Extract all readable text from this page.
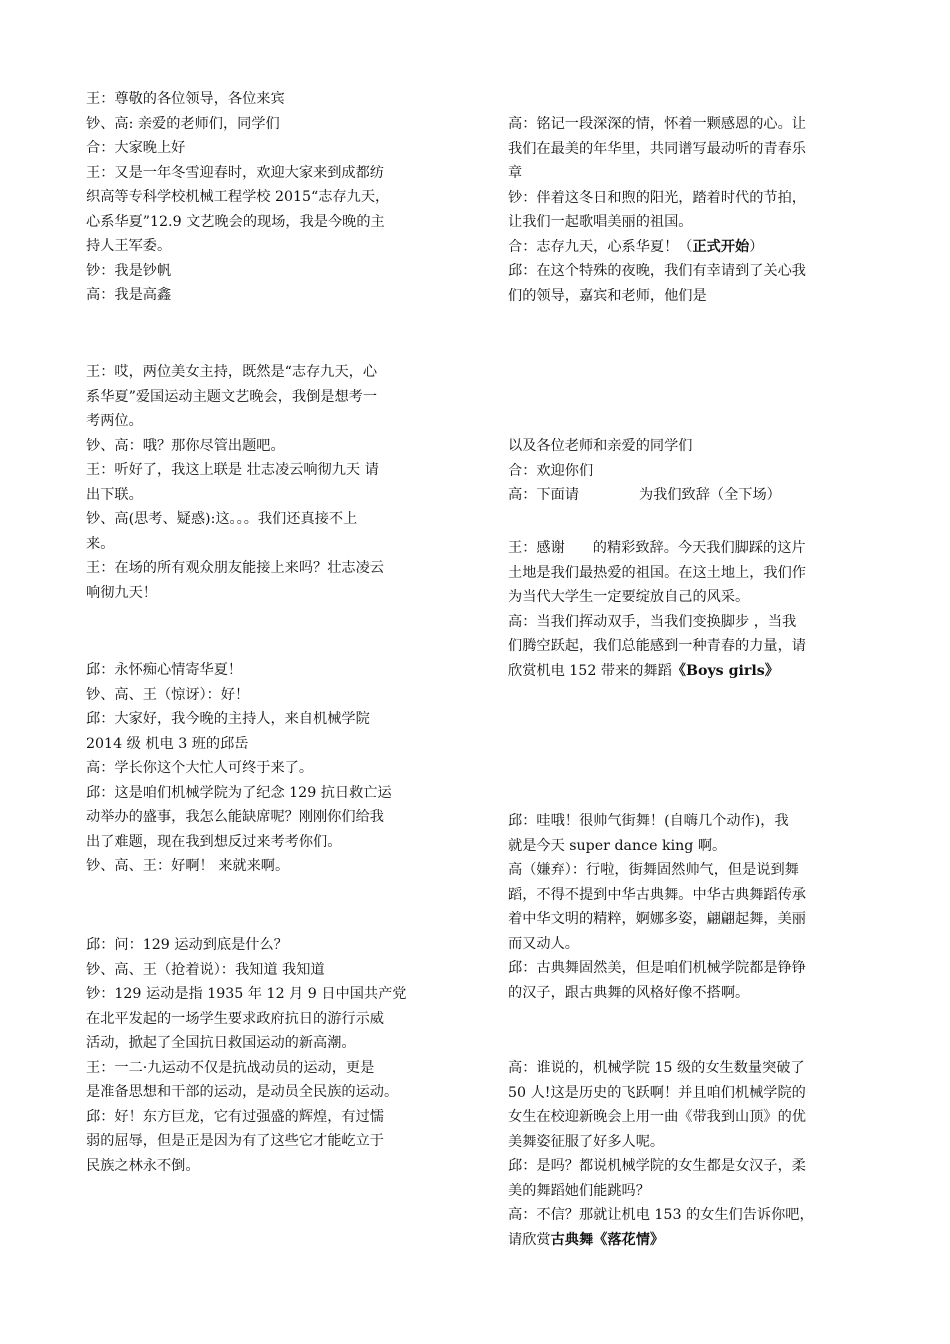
王：尊敬的各位领导，各位来宾
钞、高: 亲爱的老师们，同学们
合：大家晚上好
王：又是一年冬雪迎春时，欢迎大家来到成都纺
织高等专科学校机械工程学校 2015“志存九天，
心系华夏”12.9 文艺晚会的现场，我是今晚的主
持人王军委。
钞：我是钞帆
高：我是高鑫
王：哎，两位美女主持，既然是“志存九天，心
系华夏”爱国运动主题文艺晚会，我倒是想考一
考两位。
钞、高：哦？那你尽管出题吧。
王：听好了，我这上联是 壮志凌云响彻九天 请
出下联。
钞、高(思考、疑惑):这。。。我们还真接不上
来。
王：在场的所有观众朋友能接上来吗？壮志凌云
响彻九天！
邱：永怀痴心情寄华夏！
钞、高、王（惊讶）：好！
邱：大家好，我今晚的主持人，来自机械学院
2014 级 机电 3 班的邱岳
高：学长你这个大忙人可终于来了。
邱：这是咱们机械学院为了纪念 129 抗日救亡运
动举办的盛事，我怎么能缺席呢？刚刚你们给我
出了难题，现在我到想反过来考考你们。
钞、高、王：好啊！ 来就来啊。
邱：问：129 运动到底是什么？
钞、高、王（抢着说）：我知道 我知道
钞：129 运动是指 1935 年 12 月 9 日中国共产党
在北平发起的一场学生要求政府抗日的游行示威
活动，掀起了全国抗日救国运动的新高潮。
王：一二·九运动不仅是抗战动员的运动，更是
是准备思想和干部的运动，是动员全民族的运动。
邱：好！东方巨龙，它有过强盛的辉煌，有过懦
弱的屈辱，但是正是因为有了这些它才能屹立于
民族之林永不倒。
高：铭记一段深深的情，怀着一颗感恩的心。让
我们在最美的年华里，共同谱写最动听的青春乐
章
钞：伴着这冬日和煦的阳光，踏着时代的节拍，
让我们一起歌唱美丽的祖国。
合：志存九天，心系华夏！（正式开始）
邱：在这个特殊的夜晚，我们有幸请到了关心我
们的领导，嘉宾和老师，他们是
以及各位老师和亲爱的同学们
合：欢迎你们
高：下面请	为我们致辞（全下场）
王：感谢 的精彩致辞。今天我们脚踩的这片
土地是我们最热爱的祖国。在这土地上，我们作
为当代大学生一定要绽放自己的风采。
高：当我们挥动双手，当我们变换脚步 ，当我
们腾空跃起，我们总能感到一种青春的力量，请
欣赏机电 152 带来的舞蹈《Boys girls》
邱：哇哦！很帅气街舞！(自嗨几个动作)，我
就是今天 super dance king 啊。
高（嫌弃）：行啦，街舞固然帅气，但是说到舞
蹈，不得不提到中华古典舞。中华古典舞蹈传承
着中华文明的精粹，婀娜多姿，翩翩起舞，美丽
而又动人。
邱：古典舞固然美，但是咱们机械学院都是铮铮
的汉子，跟古典舞的风格好像不搭啊。
高：谁说的，机械学院 15 级的女生数量突破了
50 人!这是历史的飞跃啊！并且咱们机械学院的
女生在校迎新晚会上用一曲《带我到山顶》的优
美舞姿征服了好多人呢。
邱：是吗？都说机械学院的女生都是女汉子，柔
美的舞蹈她们能跳吗？
高：不信？那就让机电 153 的女生们告诉你吧，
请欣赏古典舞《落花情》
